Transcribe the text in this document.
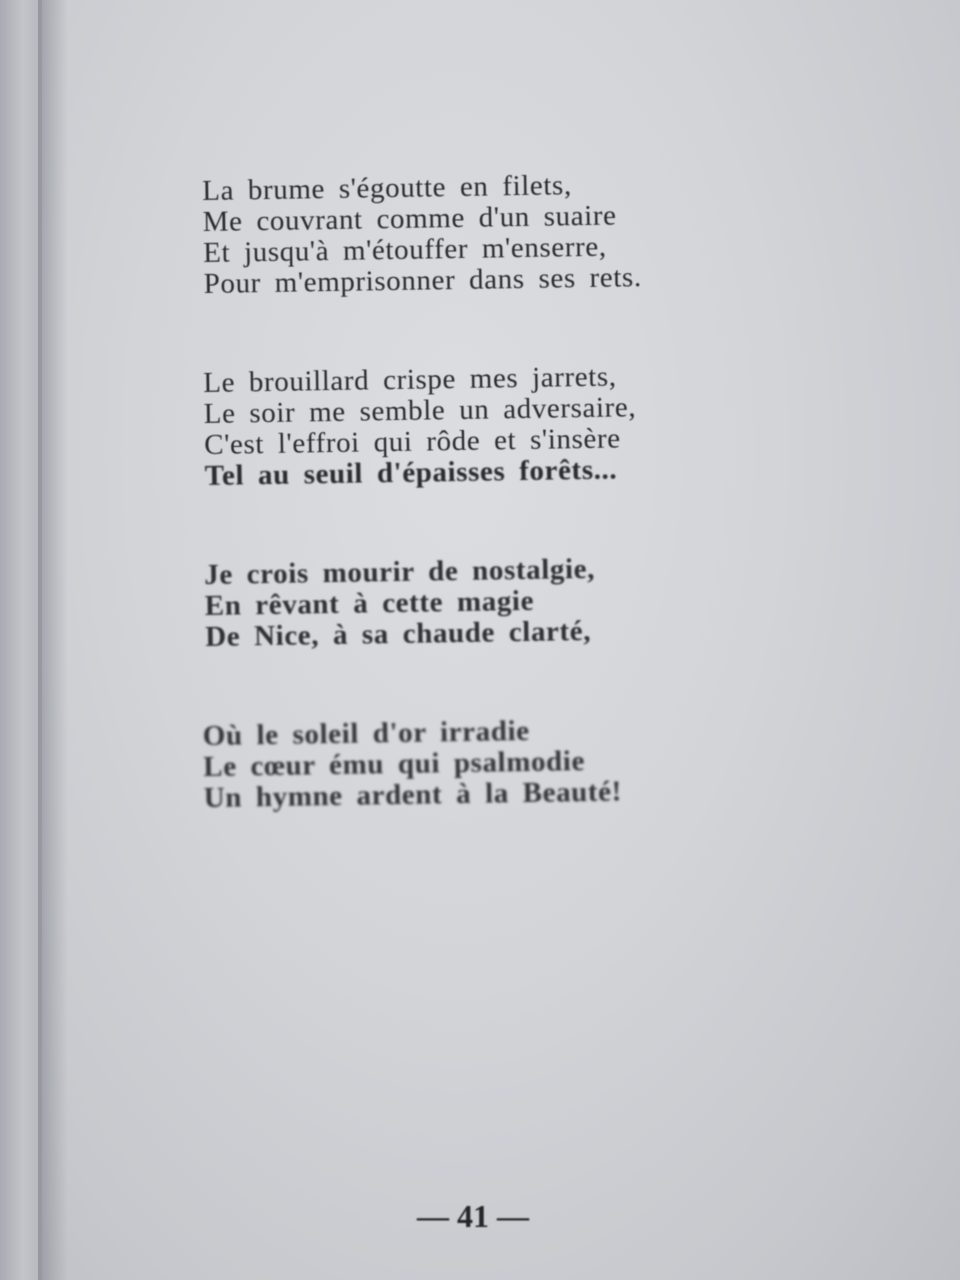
La brume s'égoutte en filets,
Me couvrant comme d'un suaire
Et jusqu'à m'étouffer m'enserre,
Pour m'emprisonner dans ses rets.
Le brouillard crispe mes jarrets,
Le soir me semble un adversaire,
C'est l'effroi qui rôde et s'insère
Tel au seuil d'épaisses forêts...
Je crois mourir de nostalgie,
En rêvant à cette magie
De Nice, à sa chaude clarté,
Où le soleil d'or irradie
Le cœur ému qui psalmodie
Un hymne ardent à la Beauté!
— 41 —
